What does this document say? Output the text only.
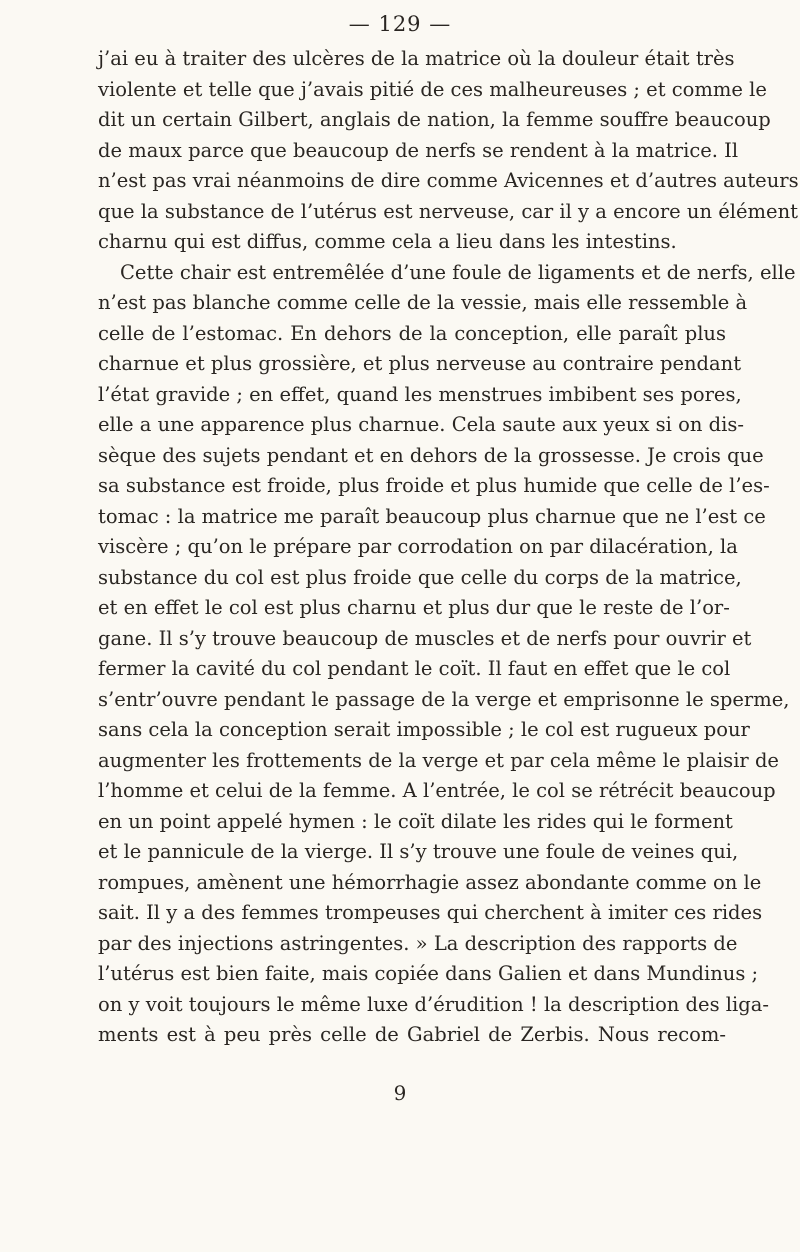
— 129 —
j’ai eu à traiter des ulcères de la matrice où la douleur était très
violente et telle que j’avais pitié de ces malheureuses ; et comme le
dit un certain Gilbert, anglais de nation, la femme souffre beaucoup
de maux parce que beaucoup de nerfs se rendent à la matrice. Il
n’est pas vrai néanmoins de dire comme Avicennes et d’autres auteurs
que la substance de l’utérus est nerveuse, car il y a encore un élément
charnu qui est diffus, comme cela a lieu dans les intestins.
Cette chair est entremêlée d’une foule de ligaments et de nerfs, elle
n’est pas blanche comme celle de la vessie, mais elle ressemble à
celle de l’estomac. En dehors de la conception, elle paraît plus
charnue et plus grossière, et plus nerveuse au contraire pendant
l’état gravide ; en effet, quand les menstrues imbibent ses pores,
elle a une apparence plus charnue. Cela saute aux yeux si on dis-
sèque des sujets pendant et en dehors de la grossesse. Je crois que
sa substance est froide, plus froide et plus humide que celle de l’es-
tomac : la matrice me paraît beaucoup plus charnue que ne l’est ce
viscère ; qu’on le prépare par corrodation on par dilacération, la
substance du col est plus froide que celle du corps de la matrice,
et en effet le col est plus charnu et plus dur que le reste de l’or-
gane. Il s’y trouve beaucoup de muscles et de nerfs pour ouvrir et
fermer la cavité du col pendant le coït. Il faut en effet que le col
s’entr’ouvre pendant le passage de la verge et emprisonne le sperme,
sans cela la conception serait impossible ; le col est rugueux pour
augmenter les frottements de la verge et par cela même le plaisir de
l’homme et celui de la femme. A l’entrée, le col se rétrécit beaucoup
en un point appelé hymen : le coït dilate les rides qui le forment
et le pannicule de la vierge. Il s’y trouve une foule de veines qui,
rompues, amènent une hémorrhagie assez abondante comme on le
sait. Il y a des femmes trompeuses qui cherchent à imiter ces rides
par des injections astringentes. » La description des rapports de
l’utérus est bien faite, mais copiée dans Galien et dans Mundinus ;
on y voit toujours le même luxe d’érudition ! la description des liga-
ments est à peu près celle de Gabriel de Zerbis. Nous recom-
9
